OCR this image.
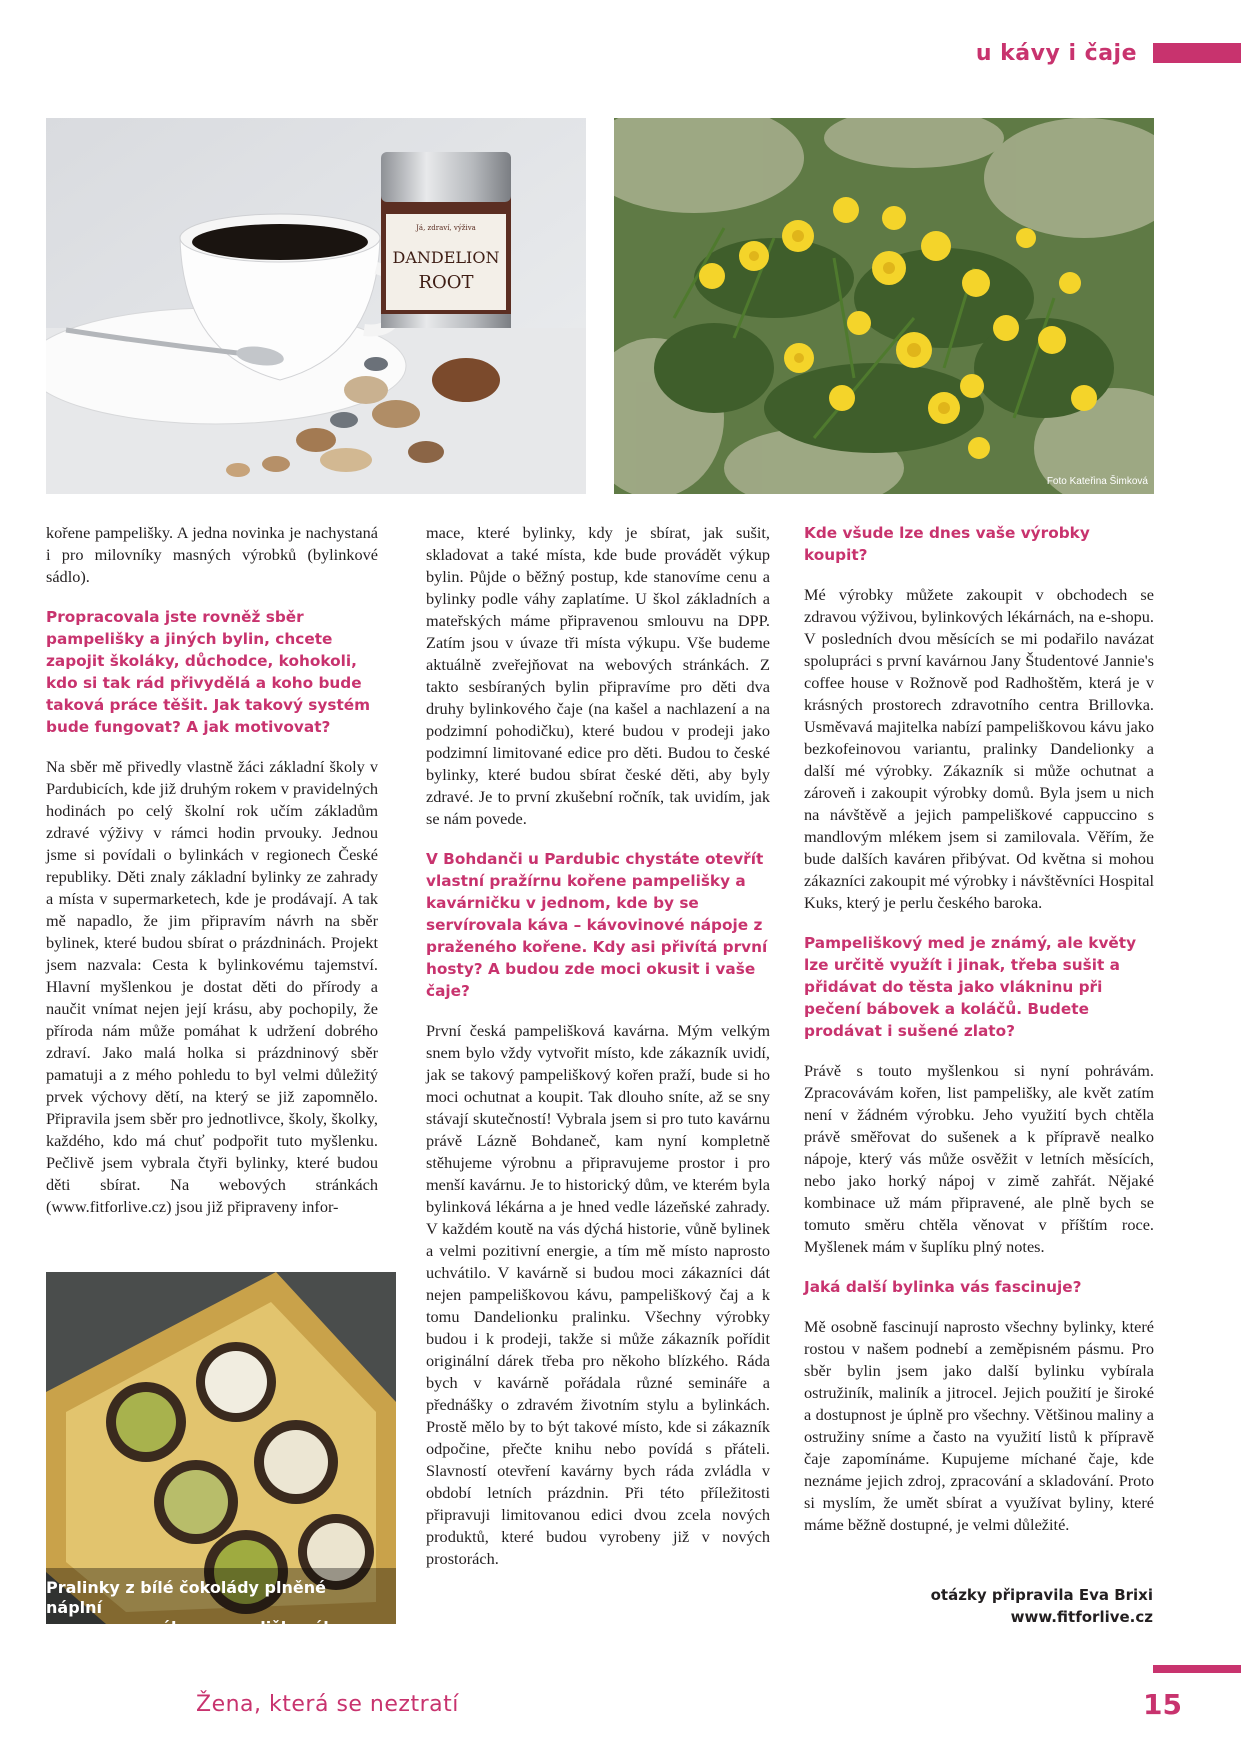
u kávy i čaje
Já, zdraví, výživa
DANDELION
ROOT
Foto Kateřina Šimková

kořene pampelišky. A jedna novinka je nachystaná i pro milovníky masných výrobků (bylinkové sádlo).

Propracovala jste rovněž sběr pampelišky a jiných bylin, chcete zapojit školáky, důchodce, kohokoli, kdo si tak rád přivydělá a koho bude taková práce těšit. Jak takový systém bude fungovat? A jak motivovat?

Na sběr mě přivedly vlastně žáci základní školy v Pardubicích, kde již druhým rokem v pravidelných hodinách po celý školní rok učím základům zdravé výživy v rámci hodin prvouky. Jednou jsme si povídali o bylinkách v regionech České republiky. Děti znaly základní bylinky ze zahrady a místa v supermarketech, kde je prodávají. A tak mě napadlo, že jim připravím návrh na sběr bylinek, které budou sbírat o prázdninách. Projekt jsem nazvala: Cesta k bylinkovému tajemství. Hlavní myšlenkou je dostat děti do přírody a naučit vnímat nejen její krásu, aby pochopily, že příroda nám může pomáhat k udržení dobrého zdraví. Jako malá holka si prázdninový sběr pamatuji a z mého pohledu to byl velmi důležitý prvek výchovy dětí, na který se již zapomnělo. Připravila jsem sběr pro jednotlivce, školy, školky, každého, kdo má chuť podpořit tuto myšlenku. Pečlivě jsem vybrala čtyři bylinky, které budou děti sbírat. Na webových stránkách (www.fitforlive.cz) jsou již připraveny infor-

Pralinky z bílé čokolády plněné náplní
z macerovaného pampeliškového kořene

mace, které bylinky, kdy je sbírat, jak sušit, skladovat a také místa, kde bude provádět výkup bylin. Půjde o běžný postup, kde stanovíme cenu a bylinky podle váhy zaplatíme. U škol základních a mateřských máme připravenou smlouvu na DPP. Zatím jsou v úvaze tři místa výkupu. Vše budeme aktuálně zveřejňovat na webových stránkách. Z takto sesbíraných bylin připravíme pro děti dva druhy bylinkového čaje (na kašel a nachlazení a na podzimní pohodičku), které budou v prodeji jako podzimní limitované edice pro děti. Budou to české bylinky, které budou sbírat české děti, aby byly zdravé. Je to první zkušební ročník, tak uvidím, jak se nám povede.

V Bohdanči u Pardubic chystáte otevřít vlastní pražírnu kořene pampelišky a kavárničku v jednom, kde by se servírovala káva – kávovinové nápoje z praženého kořene. Kdy asi přivítá první hosty? A budou zde moci okusit i vaše čaje?

První česká pampelišková kavárna. Mým velkým snem bylo vždy vytvořit místo, kde zákazník uvidí, jak se takový pampeliškový kořen praží, bude si ho moci ochutnat a koupit. Tak dlouho sníte, až se sny stávají skutečností! Vybrala jsem si pro tuto kavárnu právě Lázně Bohdaneč, kam nyní kompletně stěhujeme výrobnu a připravujeme prostor i pro menší kavárnu. Je to historický dům, ve kterém byla bylinková lékárna a je hned vedle lázeňské zahrady. V každém koutě na vás dýchá historie, vůně bylinek a velmi pozitivní energie, a tím mě místo naprosto uchvátilo. V kavárně si budou moci zákazníci dát nejen pampeliškovou kávu, pampeliškový čaj a k tomu Dandelionku pralinku. Všechny výrobky budou i k prodeji, takže si může zákazník pořídit originální dárek třeba pro někoho blízkého. Ráda bych v kavárně pořádala různé semináře a přednášky o zdravém životním stylu a bylinkách. Prostě mělo by to být takové místo, kde si zákazník odpočine, přečte knihu nebo povídá s přáteli. Slavností otevření kavárny bych ráda zvládla v období letních prázdnin. Při této příležitosti připravuji limitovanou edici dvou zcela nových produktů, které budou vyrobeny již v nových prostorách.

Kde všude lze dnes vaše výrobky koupit?

Mé výrobky můžete zakoupit v obchodech se zdravou výživou, bylinkových lékárnách, na e-shopu. V posledních dvou měsících se mi podařilo navázat spolupráci s první kavárnou Jany Študentové Jannie's coffee house v Rožnově pod Radhoštěm, která je v krásných prostorech zdravotního centra Brillovka. Usměvavá majitelka nabízí pampeliškovou kávu jako bezkofeinovou variantu, pralinky Dandelionky a další mé výrobky. Zákazník si může ochutnat a zároveň i zakoupit výrobky domů. Byla jsem u nich na návštěvě a jejich pampeliškové cappuccino s mandlovým mlékem jsem si zamilovala. Věřím, že bude dalších kaváren přibývat. Od května si mohou zákazníci zakoupit mé výrobky i návštěvníci Hospital Kuks, který je perlu českého baroka.

Pampeliškový med je známý, ale květy lze určitě využít i jinak, třeba sušit a přidávat do těsta jako vlákninu při pečení bábovek a koláčů. Budete prodávat i sušené zlato?

Právě s touto myšlenkou si nyní pohrávám. Zpracovávám kořen, list pampelišky, ale květ zatím není v žádném výrobku. Jeho využití bych chtěla právě směřovat do sušenek a k přípravě nealko nápoje, který vás může osvěžit v letních měsících, nebo jako horký nápoj v zimě zahřát. Nějaké kombinace už mám připravené, ale plně bych se tomuto směru chtěla věnovat v příštím roce. Myšlenek mám v šuplíku plný notes.

Jaká další bylinka vás fascinuje?

Mě osobně fascinují naprosto všechny bylinky, které rostou v našem podnebí a zeměpisném pásmu. Pro sběr bylin jsem jako další bylinku vybírala ostružiník, maliník a jitrocel. Jejich použití je široké a dostupnost je úplně pro všechny. Většinou maliny a ostružiny sníme a často na využití listů k přípravě čaje zapomínáme. Kupujeme míchané čaje, kde neznáme jejich zdroj, zpracování a skladování. Proto si myslím, že umět sbírat a využívat byliny, které máme běžně dostupné, je velmi důležité.

otázky připravila Eva Brixi
www.fitforlive.cz
Žena, která se neztratí	15
